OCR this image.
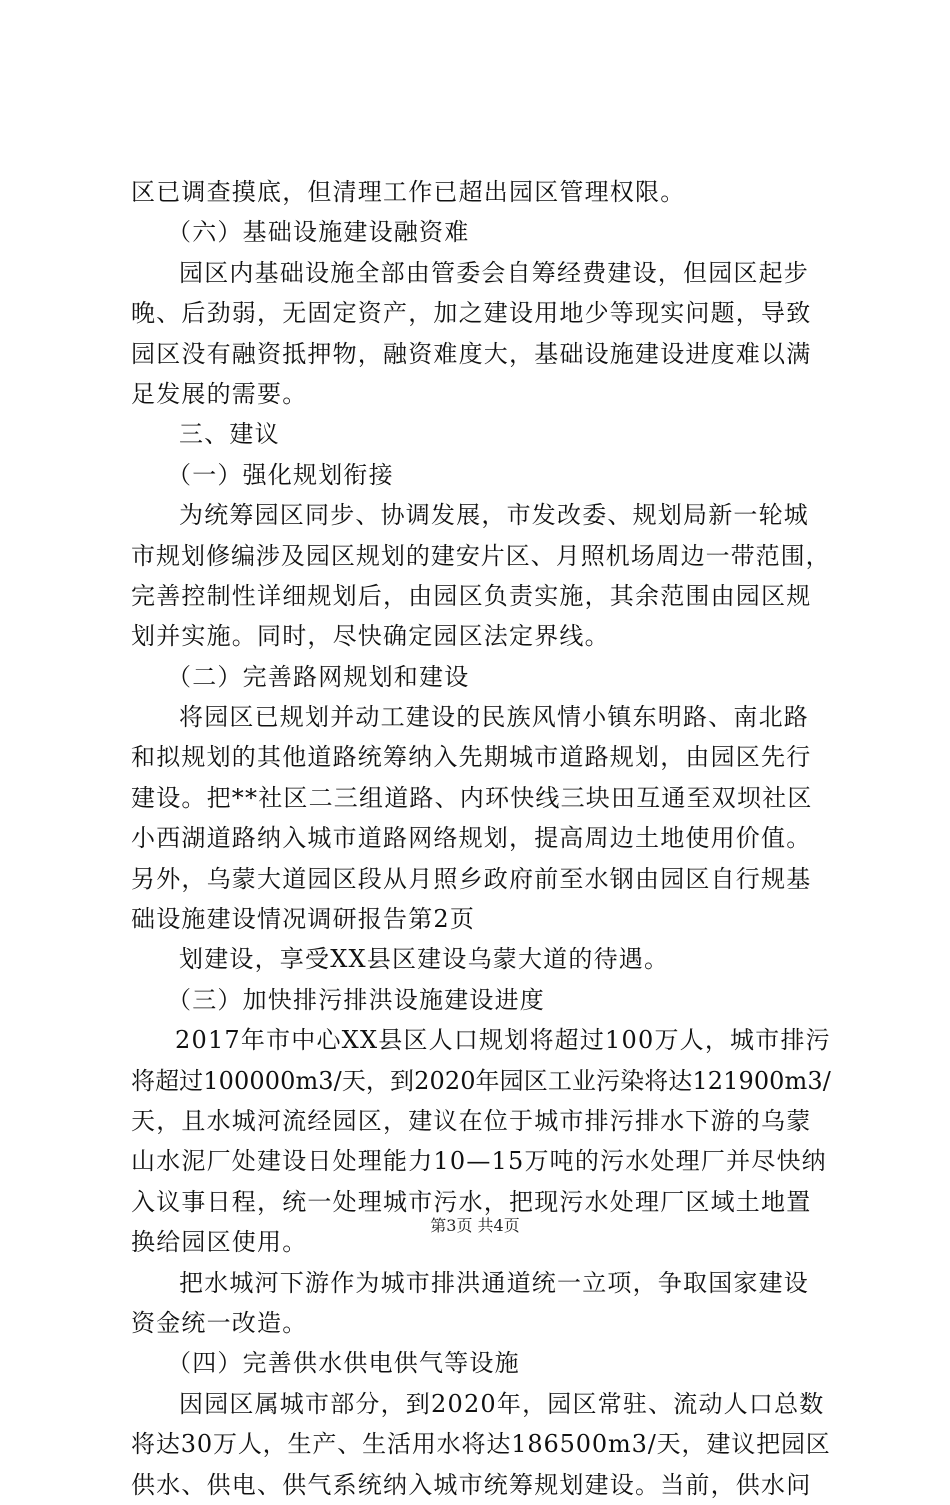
区已调查摸底，但清理工作已超出园区管理权限。
（六）基础设施建设融资难
园区内基础设施全部由管委会自筹经费建设，但园区起步
晚、后劲弱，无固定资产，加之建设用地少等现实问题，导致
园区没有融资抵押物，融资难度大，基础设施建设进度难以满
足发展的需要。
三、建议
（一）强化规划衔接
为统筹园区同步、协调发展，市发改委、规划局新一轮城
市规划修编涉及园区规划的建安片区、月照机场周边一带范围，
完善控制性详细规划后，由园区负责实施，其余范围由园区规
划并实施。同时，尽快确定园区法定界线。
（二）完善路网规划和建设
将园区已规划并动工建设的民族风情小镇东明路、南北路
和拟规划的其他道路统筹纳入先期城市道路规划，由园区先行
建设。把**社区二三组道路、内环快线三块田互通至双坝社区
小西湖道路纳入城市道路网络规划，提高周边土地使用价值。
另外，乌蒙大道园区段从月照乡政府前至水钢由园区自行规基
础设施建设情况调研报告第2页
划建设，享受XX县区建设乌蒙大道的待遇。
（三）加快排污排洪设施建设进度
2017年市中心XX县区人口规划将超过100万人，城市排污
将超过100000m3/天，到2020年园区工业污染将达121900m3/
天，且水城河流经园区，建议在位于城市排污排水下游的乌蒙
山水泥厂处建设日处理能力10—15万吨的污水处理厂并尽快纳
入议事日程，统一处理城市污水，把现污水处理厂区域土地置
换给园区使用。
把水城河下游作为城市排洪通道统一立项，争取国家建设
资金统一改造。
（四）完善供水供电供气等设施
因园区属城市部分，到2020年，园区常驻、流动人口总数
将达30万人，生产、生活用水将达186500m3/天，建议把园区
供水、供电、供气系统纳入城市统筹规划建设。当前，供水问
第3页 共4页
